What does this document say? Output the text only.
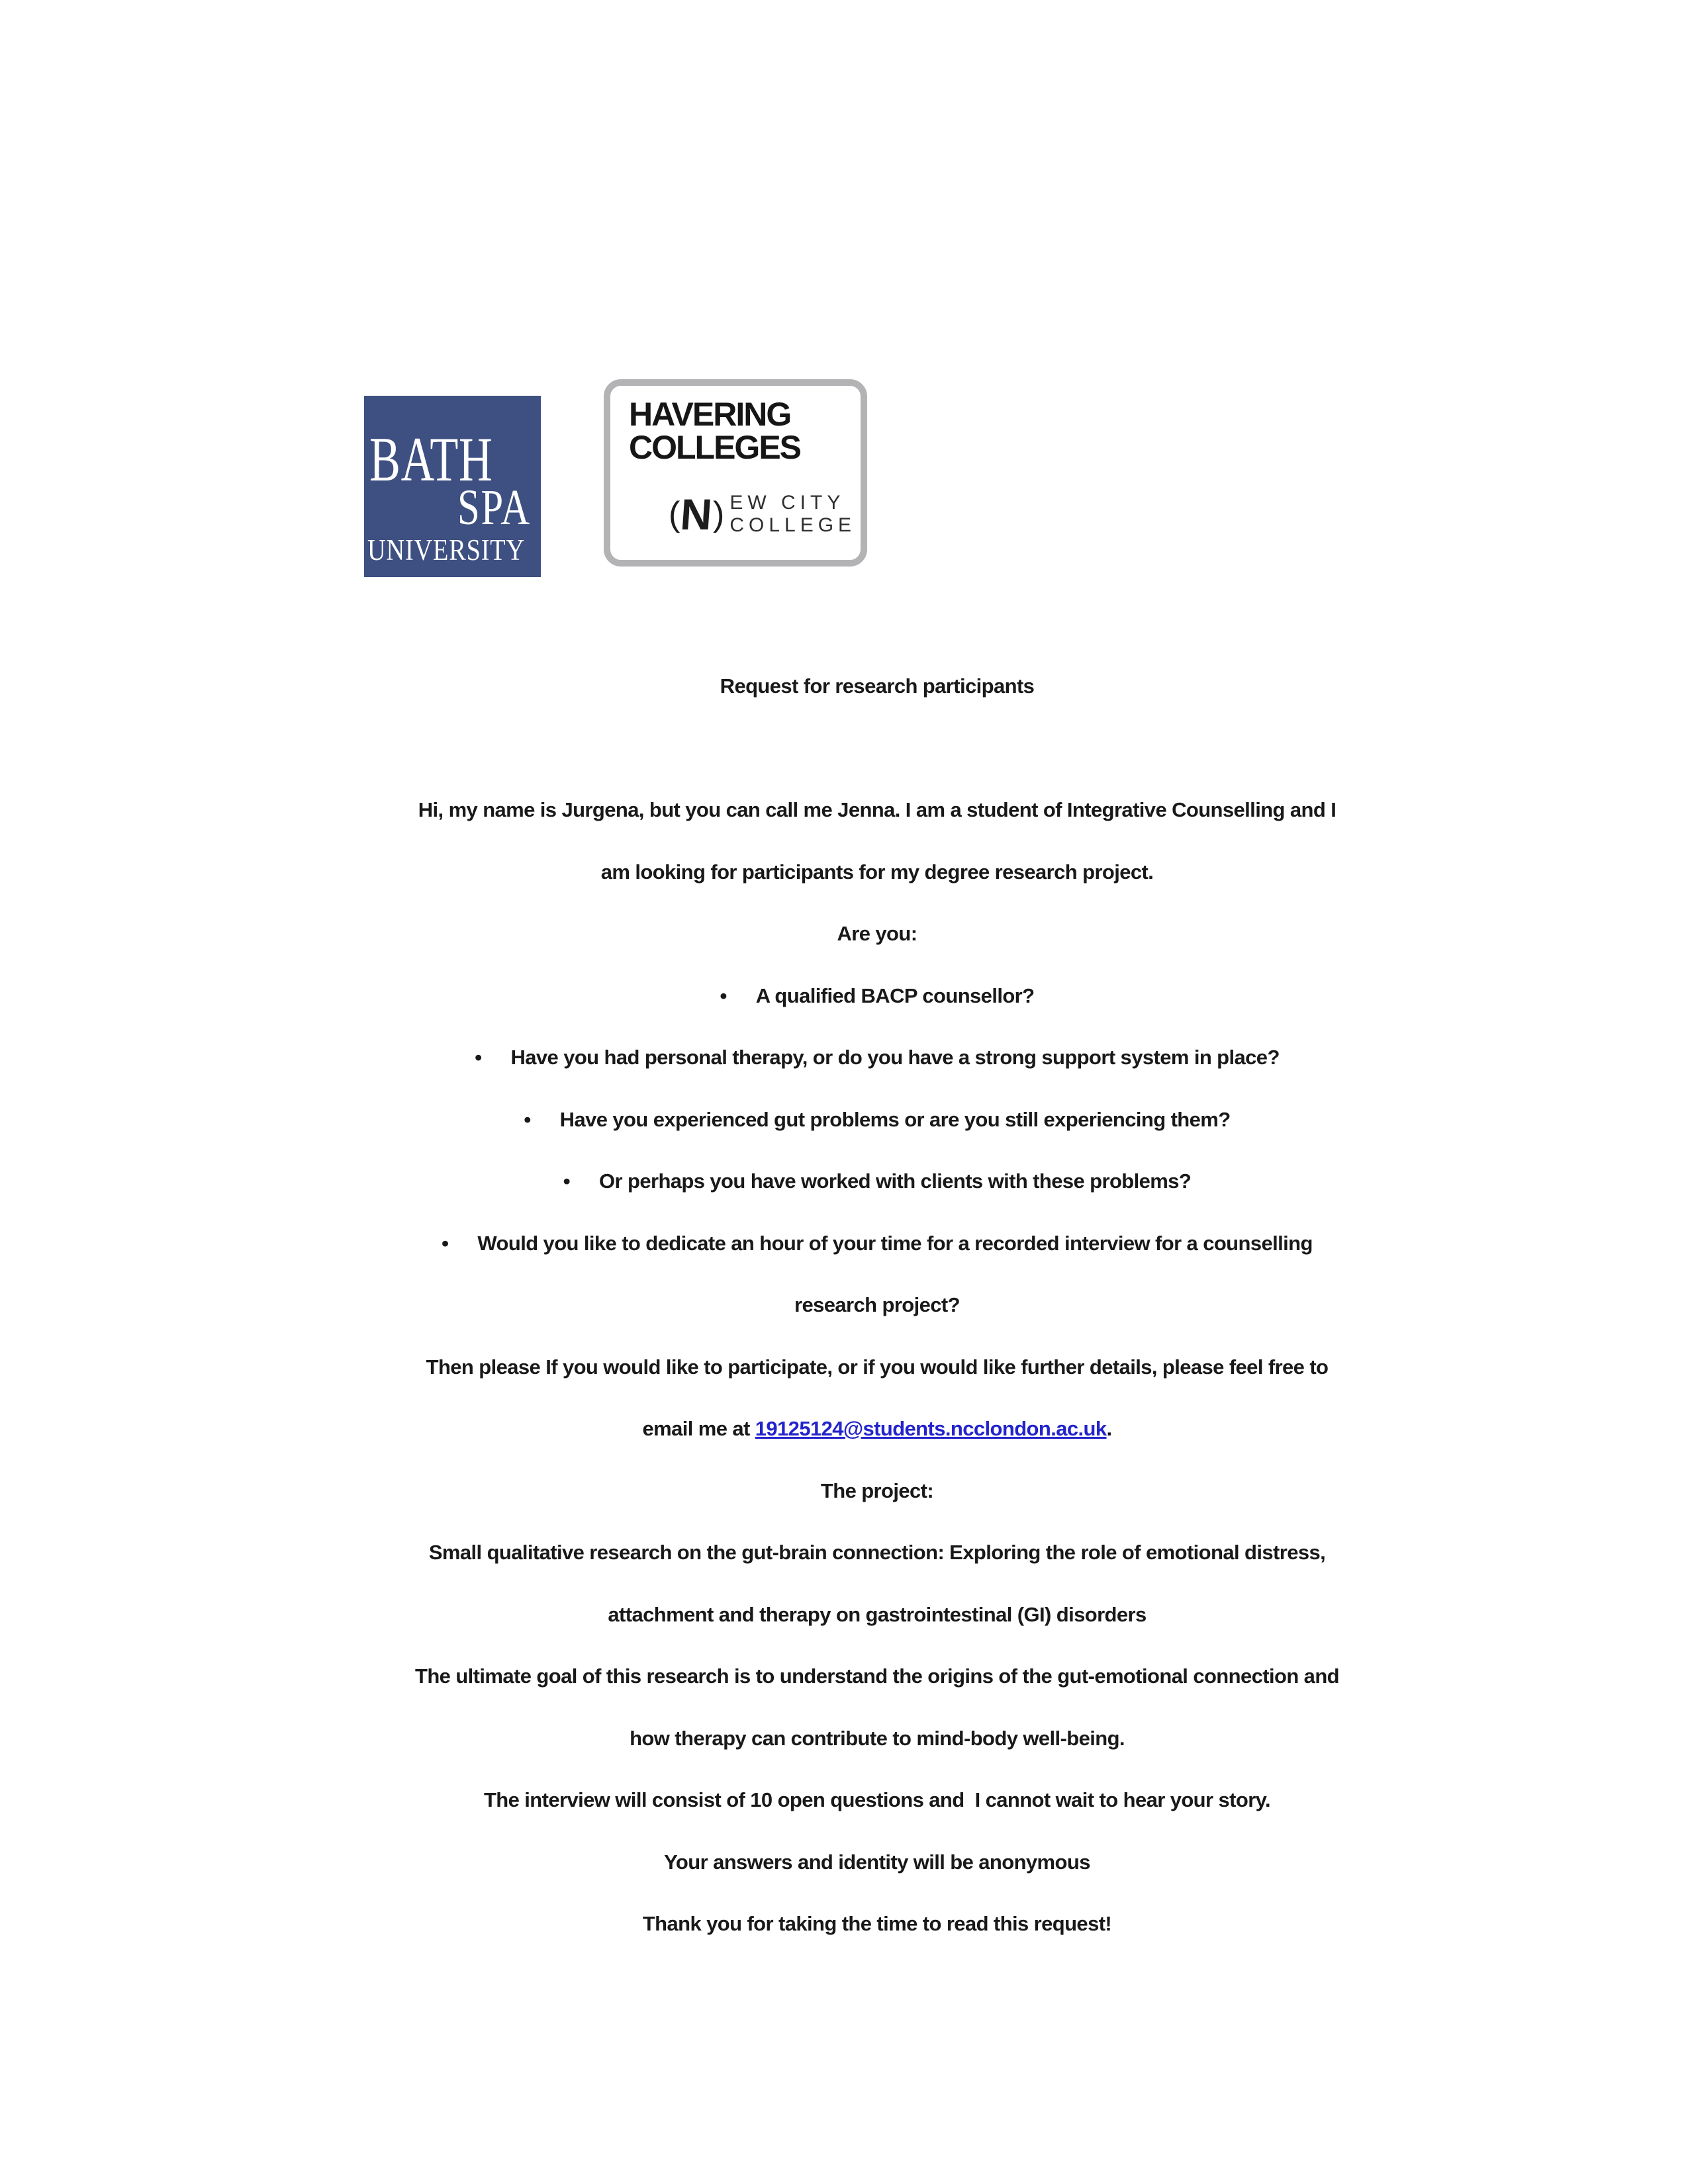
BATH
SPA
UNIVERSITY
HAVERING
COLLEGES
(
N
) EW CITY
COLLEGE

Request for research participants

Hi, my name is Jurgena, but you can call me Jenna. I am a student of Integrative Counselling and I

am looking for participants for my degree research project.

Are you:

• A qualified BACP counsellor?

• Have you had personal therapy, or do you have a strong support system in place?

• Have you experienced gut problems or are you still experiencing them?

• Or perhaps you have worked with clients with these problems?

• Would you like to dedicate an hour of your time for a recorded interview for a counselling

research project?

Then please If you would like to participate, or if you would like further details, please feel free to

email me at 19125124@students.ncclondon.ac.uk.

The project:

Small qualitative research on the gut-brain connection: Exploring the role of emotional distress,

attachment and therapy on gastrointestinal (GI) disorders

The ultimate goal of this research is to understand the origins of the gut-emotional connection and

how therapy can contribute to mind-body well-being.

The interview will consist of 10 open questions and  I cannot wait to hear your story.

Your answers and identity will be anonymous

Thank you for taking the time to read this request!
